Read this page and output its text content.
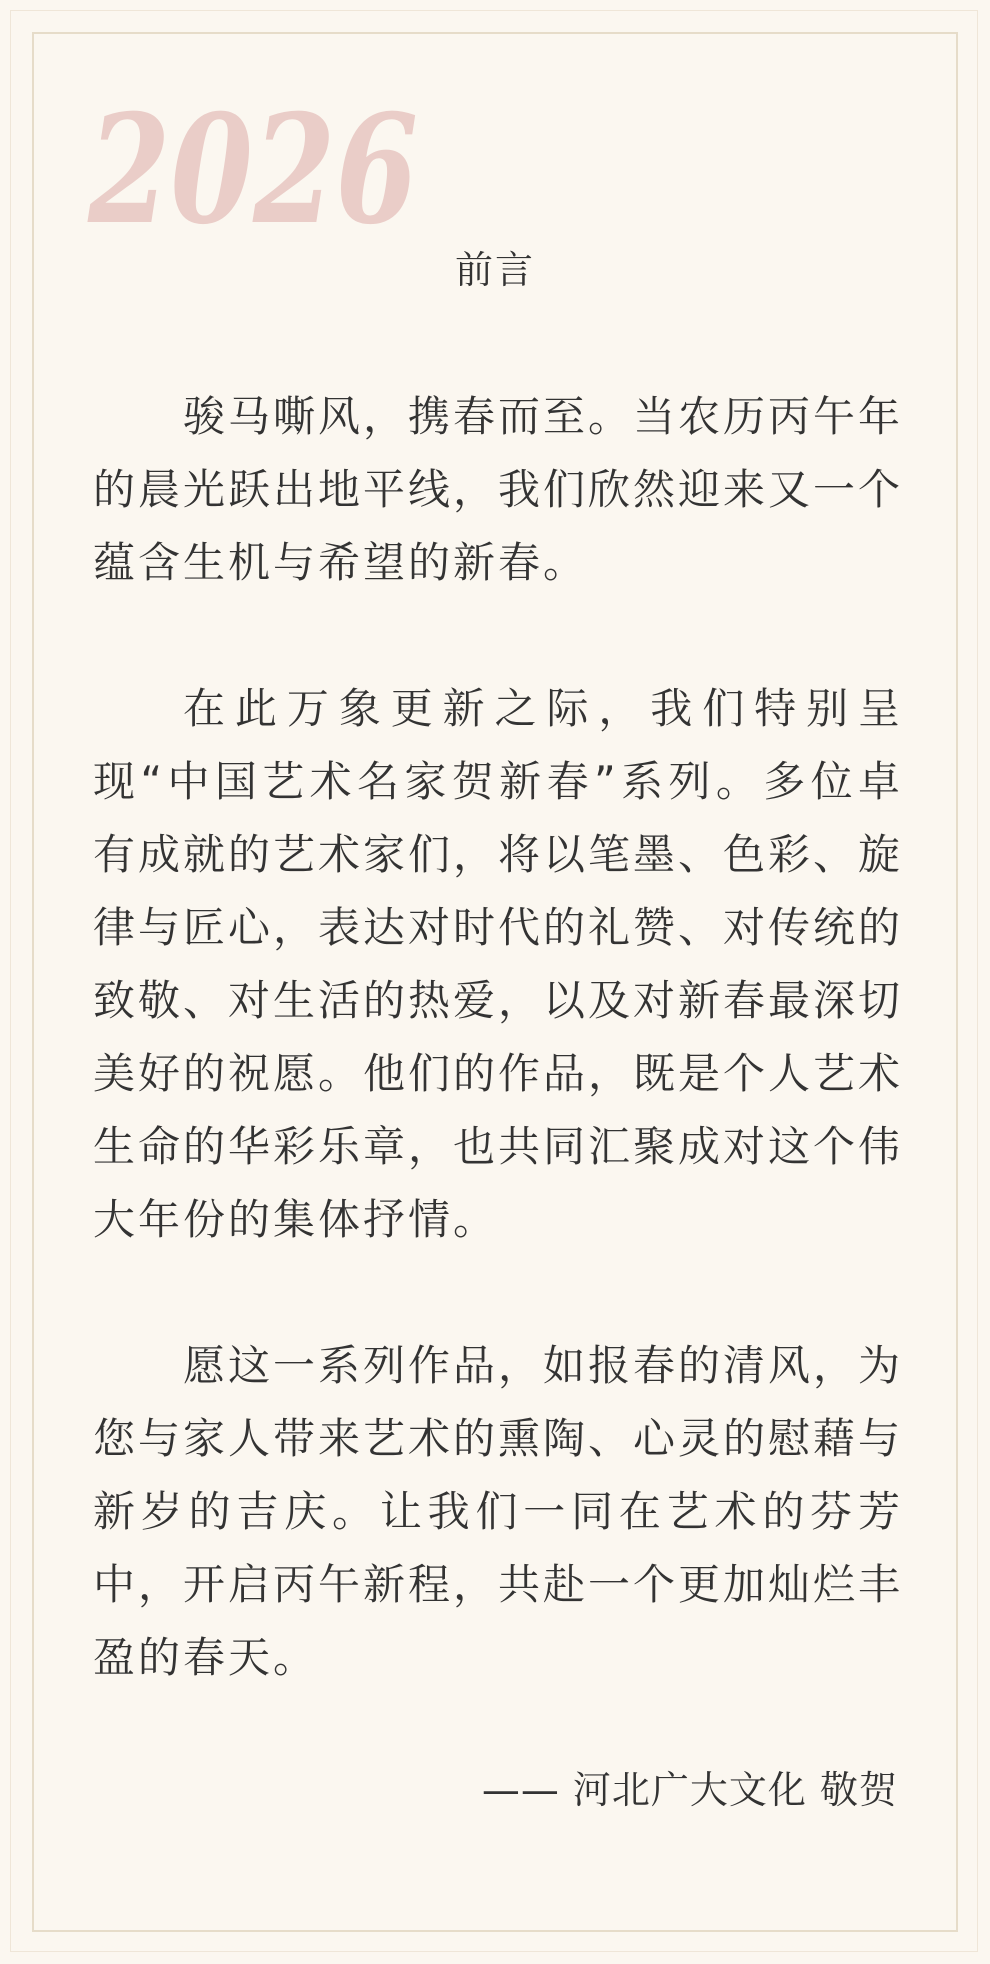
2026
前言

骏马嘶风，携春而至。当农历丙午年的晨光跃出地平线，我们欣然迎来又一个蕴含生机与希望的新春。

在此万象更新之际，我们特别呈现“中国艺术名家贺新春”系列。多位卓有成就的艺术家们，将以笔墨、色彩、旋律与匠心，表达对时代的礼赞、对传统的致敬、对生活的热爱，以及对新春最深切美好的祝愿。他们的作品，既是个人艺术生命的华彩乐章，也共同汇聚成对这个伟大年份的集体抒情。

愿这一系列作品，如报春的清风，为您与家人带来艺术的熏陶、心灵的慰藉与新岁的吉庆。让我们一同在艺术的芬芳中，开启丙午新程，共赴一个更加灿烂丰盈的春天。

—— 河北广大文化 敬贺
